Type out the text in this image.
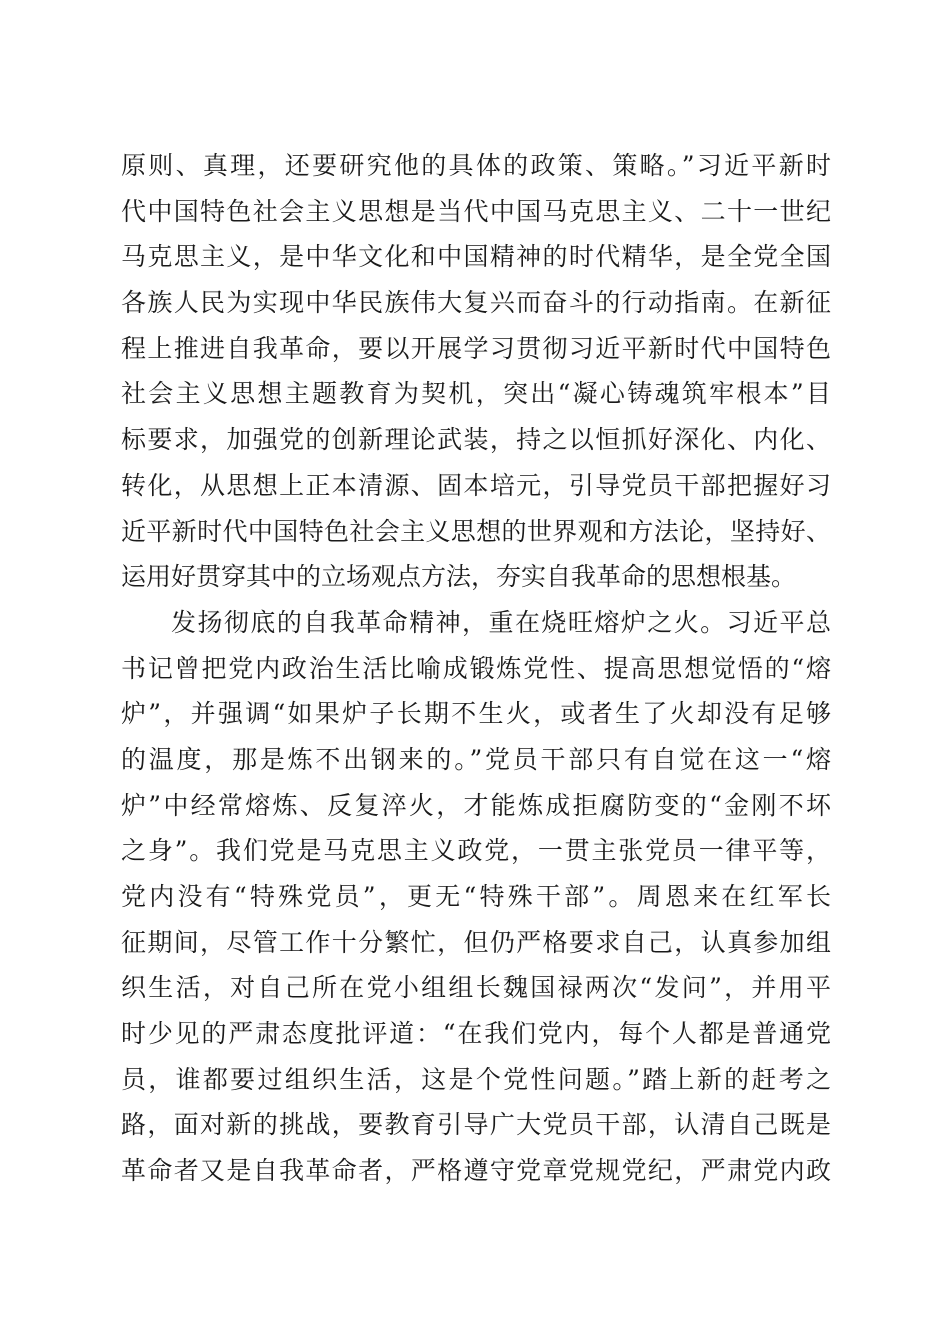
原则、真理，还要研究他的具体的政策、策略。”习近平新时
代中国特色社会主义思想是当代中国马克思主义、二十一世纪
马克思主义，是中华文化和中国精神的时代精华，是全党全国
各族人民为实现中华民族伟大复兴而奋斗的行动指南。在新征
程上推进自我革命，要以开展学习贯彻习近平新时代中国特色
社会主义思想主题教育为契机，突出“凝心铸魂筑牢根本”目
标要求，加强党的创新理论武装，持之以恒抓好深化、内化、
转化，从思想上正本清源、固本培元，引导党员干部把握好习
近平新时代中国特色社会主义思想的世界观和方法论，坚持好、
运用好贯穿其中的立场观点方法，夯实自我革命的思想根基。
发扬彻底的自我革命精神，重在烧旺熔炉之火。习近平总
书记曾把党内政治生活比喻成锻炼党性、提高思想觉悟的“熔
炉”，并强调“如果炉子长期不生火，或者生了火却没有足够
的温度，那是炼不出钢来的。”党员干部只有自觉在这一“熔
炉”中经常熔炼、反复淬火，才能炼成拒腐防变的“金刚不坏
之身”。我们党是马克思主义政党，一贯主张党员一律平等，
党内没有“特殊党员”，更无“特殊干部”。周恩来在红军长
征期间，尽管工作十分繁忙，但仍严格要求自己，认真参加组
织生活，对自己所在党小组组长魏国禄两次“发问”，并用平
时少见的严肃态度批评道：“在我们党内，每个人都是普通党
员，谁都要过组织生活，这是个党性问题。”踏上新的赶考之
路，面对新的挑战，要教育引导广大党员干部，认清自己既是
革命者又是自我革命者，严格遵守党章党规党纪，严肃党内政
